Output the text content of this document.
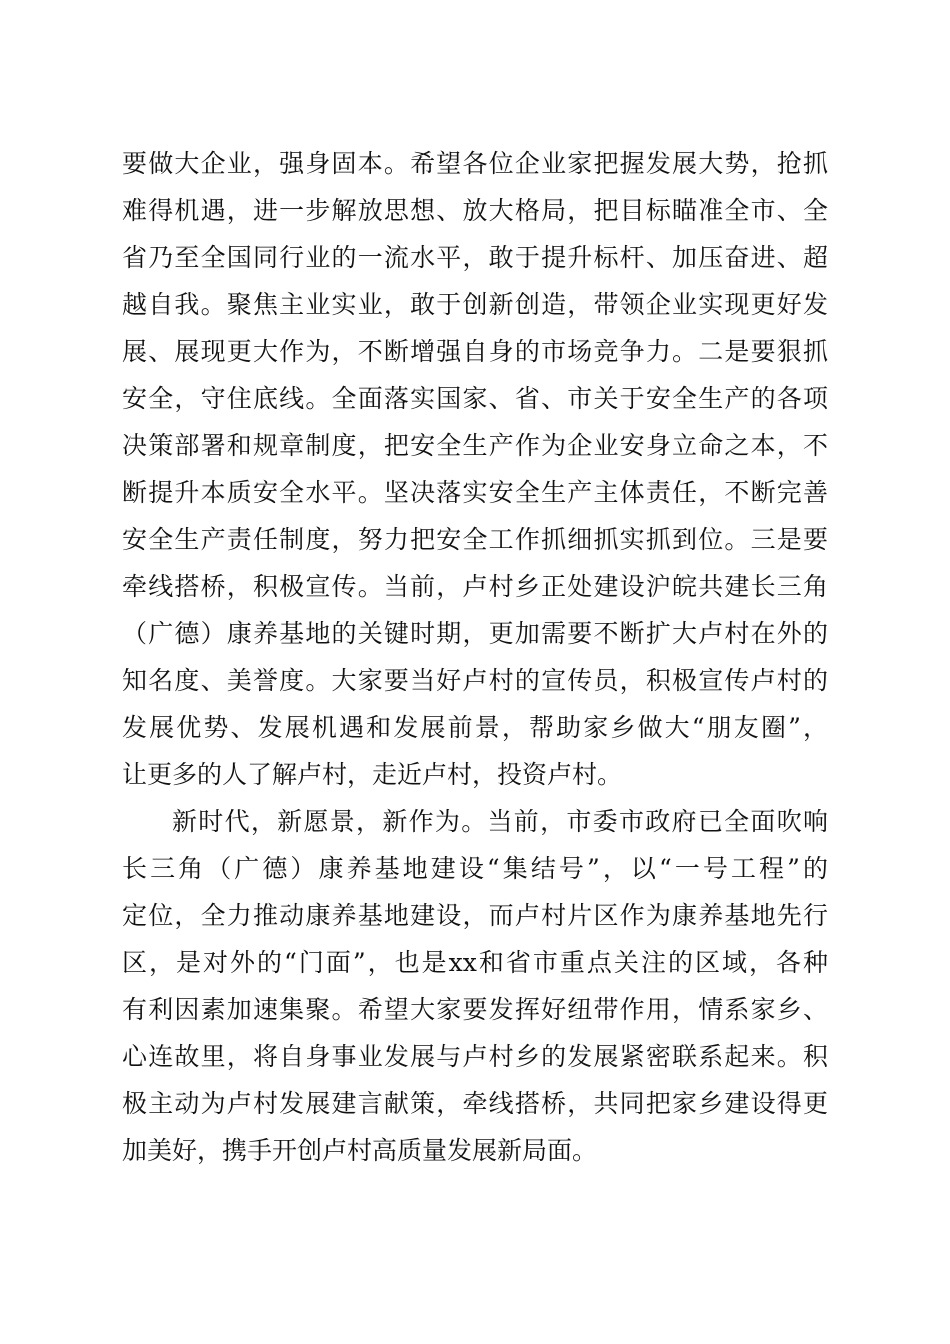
要做大企业，强身固本。希望各位企业家把握发展大势，抢抓
难得机遇，进一步解放思想、放大格局，把目标瞄准全市、全
省乃至全国同行业的一流水平，敢于提升标杆、加压奋进、超
越自我。聚焦主业实业，敢于创新创造，带领企业实现更好发
展、展现更大作为，不断增强自身的市场竞争力。二是要狠抓
安全，守住底线。全面落实国家、省、市关于安全生产的各项
决策部署和规章制度，把安全生产作为企业安身立命之本，不
断提升本质安全水平。坚决落实安全生产主体责任，不断完善
安全生产责任制度，努力把安全工作抓细抓实抓到位。三是要
牵线搭桥，积极宣传。当前，卢村乡正处建设沪皖共建长三角
（广德）康养基地的关键时期，更加需要不断扩大卢村在外的
知名度、美誉度。大家要当好卢村的宣传员，积极宣传卢村的
发展优势、发展机遇和发展前景，帮助家乡做大“朋友圈”，
让更多的人了解卢村，走近卢村，投资卢村。
新时代，新愿景，新作为。当前，市委市政府已全面吹响
长三角（广德）康养基地建设“集结号”，以“一号工程”的
定位，全力推动康养基地建设，而卢村片区作为康养基地先行
区，是对外的“门面”，也是xx和省市重点关注的区域，各种
有利因素加速集聚。希望大家要发挥好纽带作用，情系家乡、
心连故里，将自身事业发展与卢村乡的发展紧密联系起来。积
极主动为卢村发展建言献策，牵线搭桥，共同把家乡建设得更
加美好，携手开创卢村高质量发展新局面。
